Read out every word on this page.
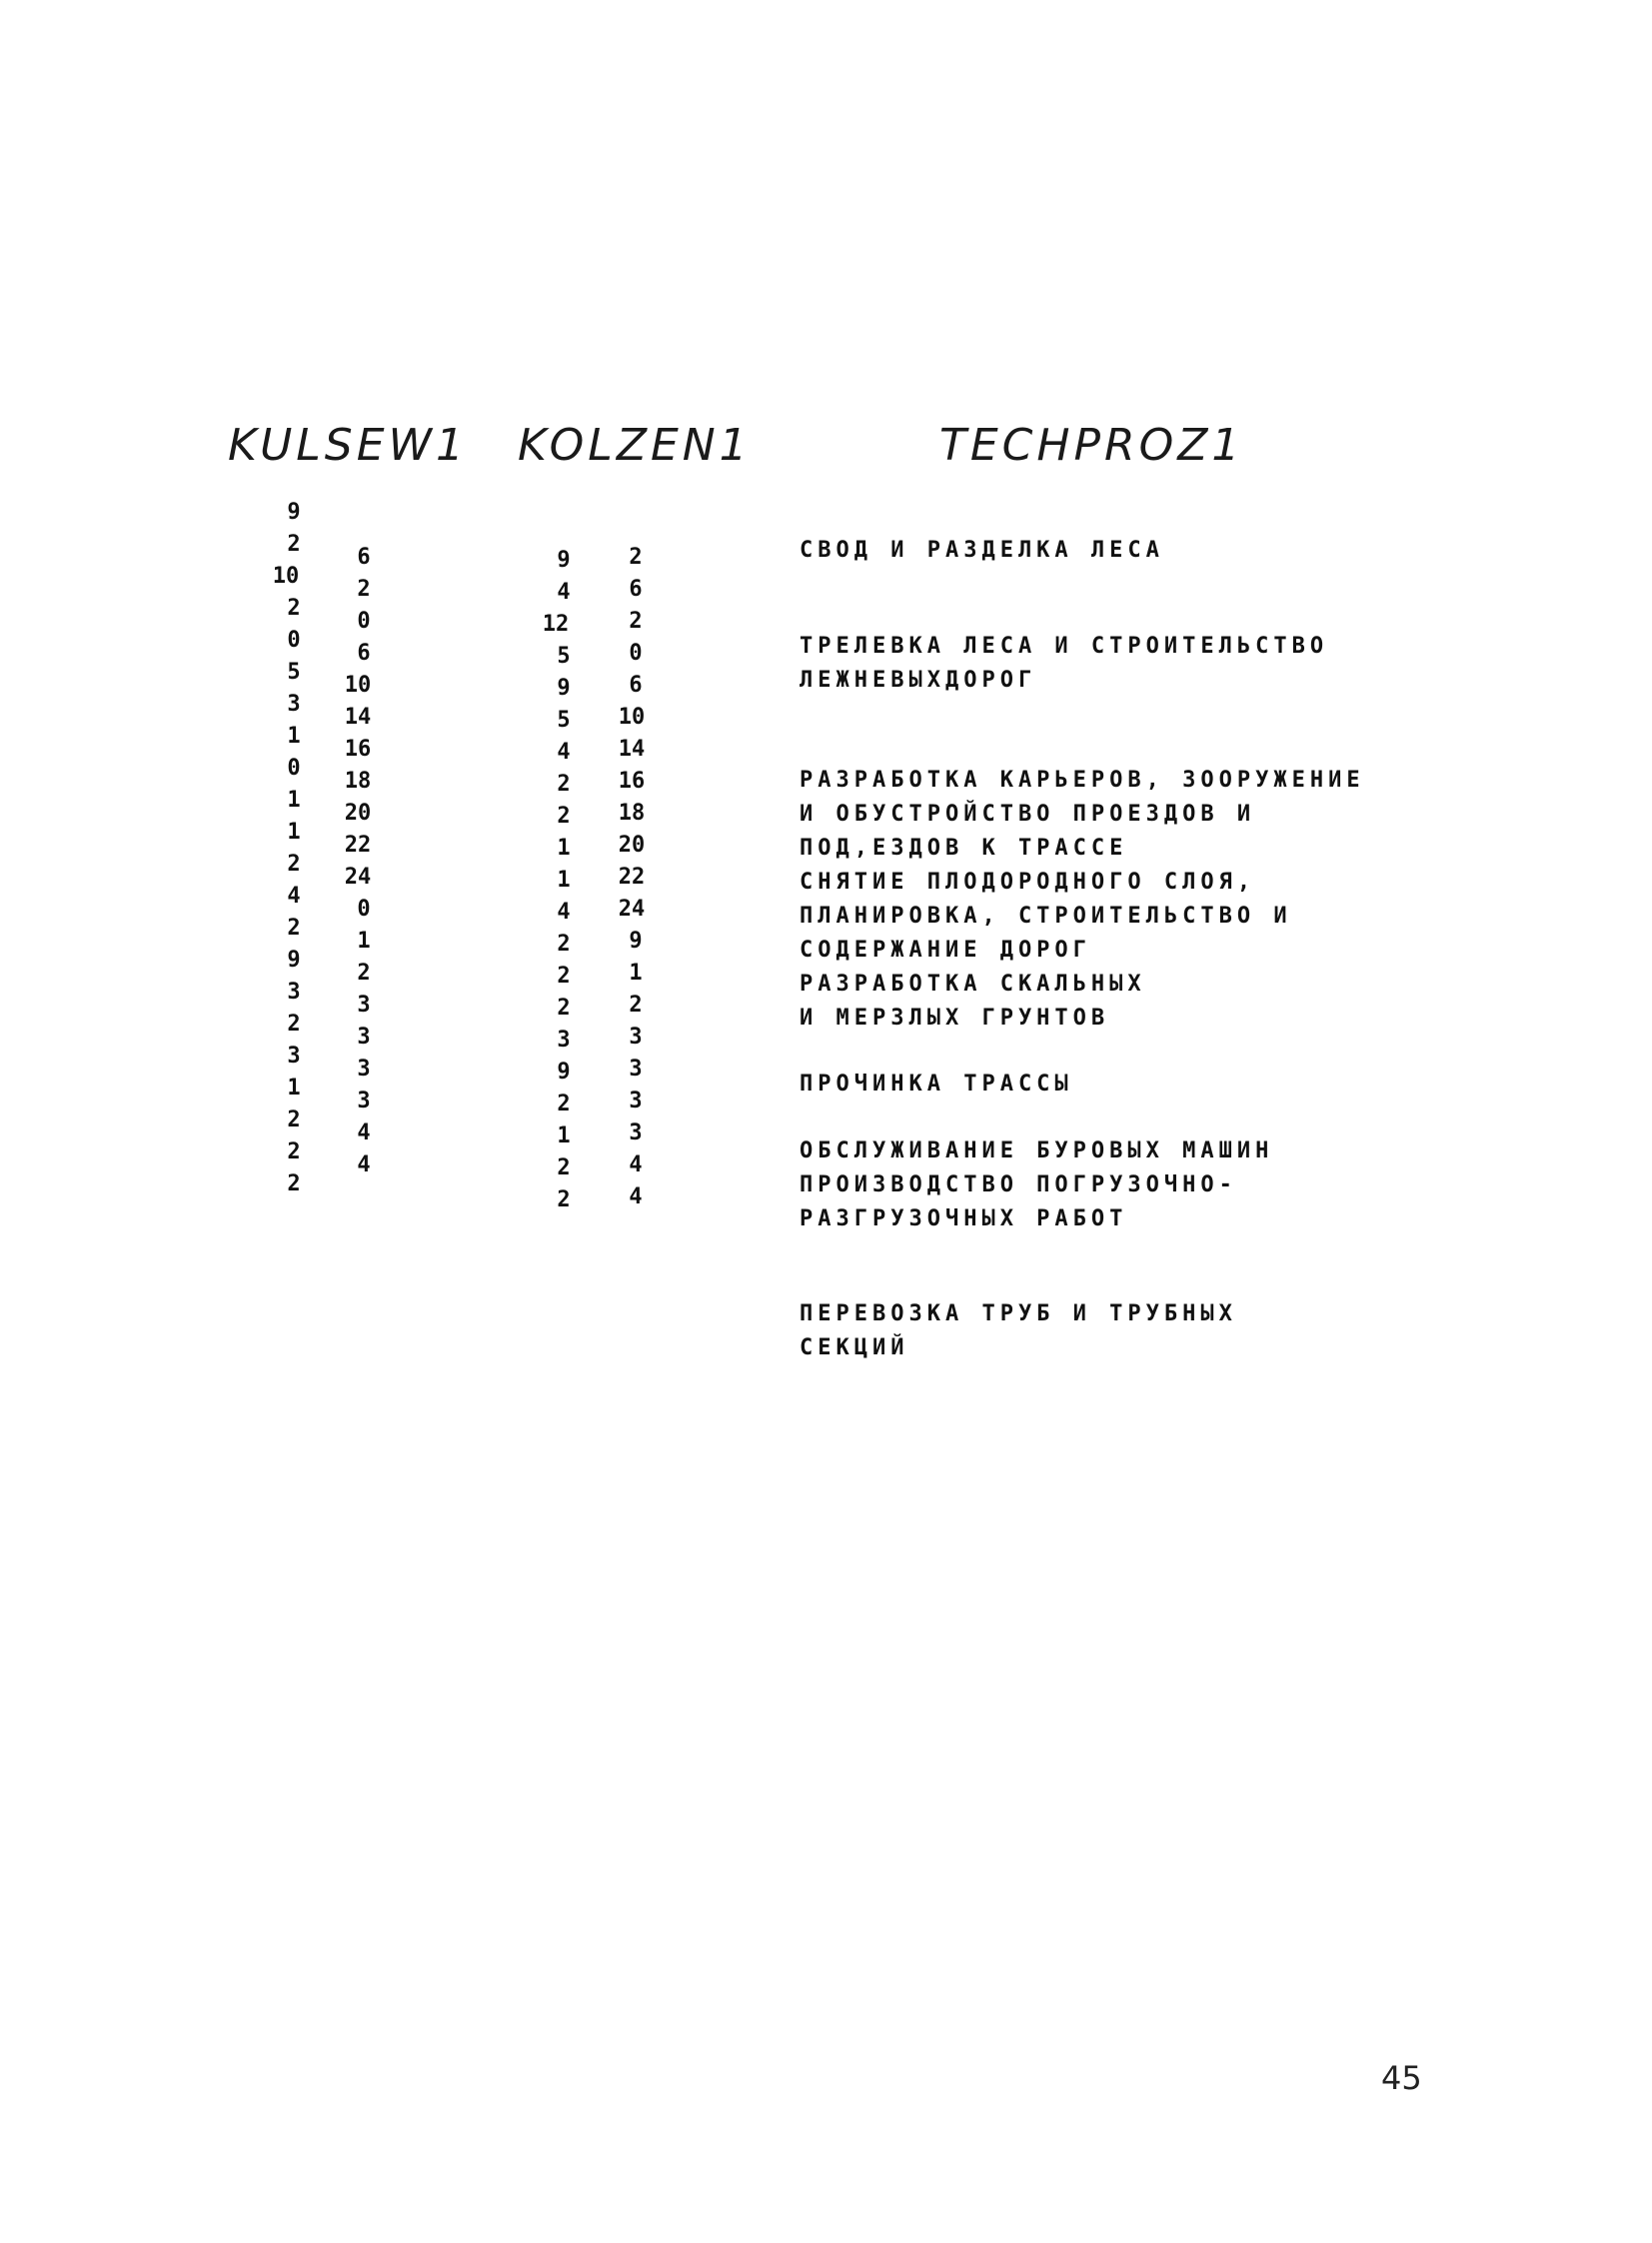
KULSEW1 KOLZEN1	TECHPROZ1
9
2
10
2
0
5
3
1
0
1
1
2
4
2
9
3
2
3
1
2
2
2
6
2
0
6
10
14
16
18
20
22
24
0
1
2
3
3
3
3
4
4
9
4
12
5
9
5
4
2
2
1
1
4
2
2
2
3
9
2
1
2
2
2
6
2
0
6
10
14
16
18
20
22
24
9
1
2
3
3
3
3
4
4
СВОД И РАЗДЕЛКА ЛЕСА
ТРЕЛЕВКА ЛЕСА И СТРОИТЕЛЬСТВО
ЛЕЖНЕВЫХДОРОГ
РАЗРАБОТКА КАРЬЕРОВ, ЗООРУЖЕНИЕ
И ОБУСТРОЙСТВО ПРОЕЗДОВ И
ПОД,ЕЗДОВ К ТРАССЕ
СНЯТИЕ ПЛОДОРОДНОГО СЛОЯ,
ПЛАНИРОВКА, СТРОИТЕЛЬСТВО И
СОДЕРЖАНИЕ ДОРОГ
РАЗРАБОТКА СКАЛЬНЫХ
И МЕРЗЛЫХ ГРУНТОВ
ПРОЧИНКА ТРАССЫ
ОБСЛУЖИВАНИЕ БУРОВЫХ МАШИН
ПРОИЗВОДСТВО ПОГРУЗОЧНО-
РАЗГРУЗОЧНЫХ РАБОТ
ПЕРЕВОЗКА ТРУБ И ТРУБНЫХ
СЕКЦИЙ
45
